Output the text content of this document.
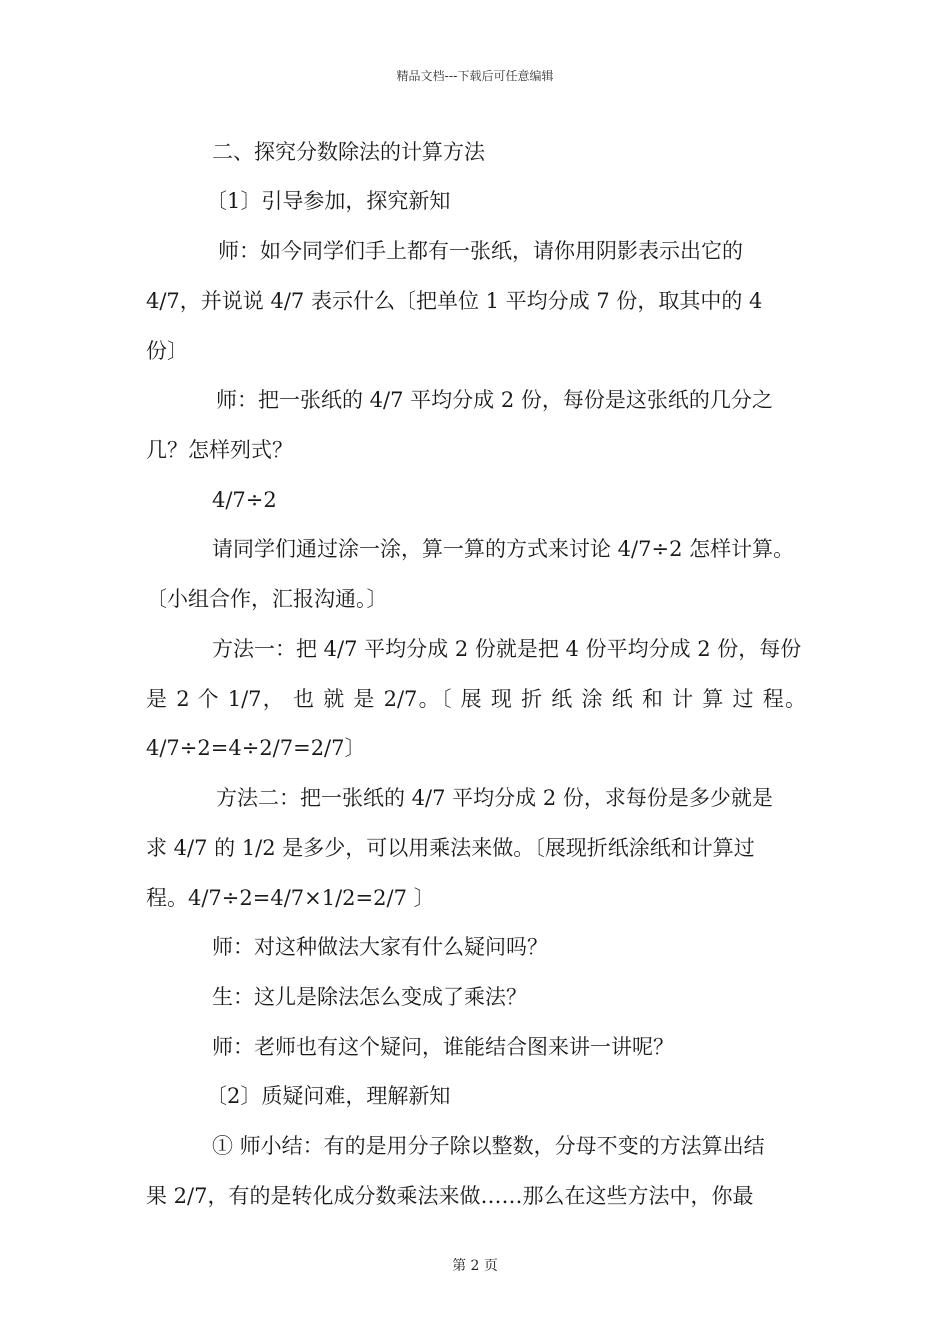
精品文档---下载后可任意编辑
二、探究分数除法的计算方法
〔1〕引导参加，探究新知
师：如今同学们手上都有一张纸，请你用阴影表示出它的
4/7，并说说 4/7 表示什么〔把单位 1 平均分成 7 份，取其中的 4
份〕
师：把一张纸的 4/7 平均分成 2 份，每份是这张纸的几分之
几？怎样列式？
4/7÷2
请同学们通过涂一涂，算一算的方式来讨论 4/7÷2 怎样计算。
〔小组合作，汇报沟通。〕
方法一：把 4/7 平均分成 2 份就是把 4 份平均分成 2 份，每份
是 2 个 1/7， 也 就 是 2/7。〔 展 现 折 纸 涂 纸 和 计 算 过 程。
4/7÷2=4÷2/7=2/7〕
方法二：把一张纸的 4/7 平均分成 2 份，求每份是多少就是
求 4/7 的 1/2 是多少，可以用乘法来做。〔展现折纸涂纸和计算过
程。4/7÷2=4/7×1/2=2/7 〕
师：对这种做法大家有什么疑问吗？
生：这儿是除法怎么变成了乘法？
师：老师也有这个疑问，谁能结合图来讲一讲呢？
〔2〕质疑问难，理解新知
① 师小结：有的是用分子除以整数，分母不变的方法算出结
果 2/7，有的是转化成分数乘法来做……那么在这些方法中，你最
第 2 页
